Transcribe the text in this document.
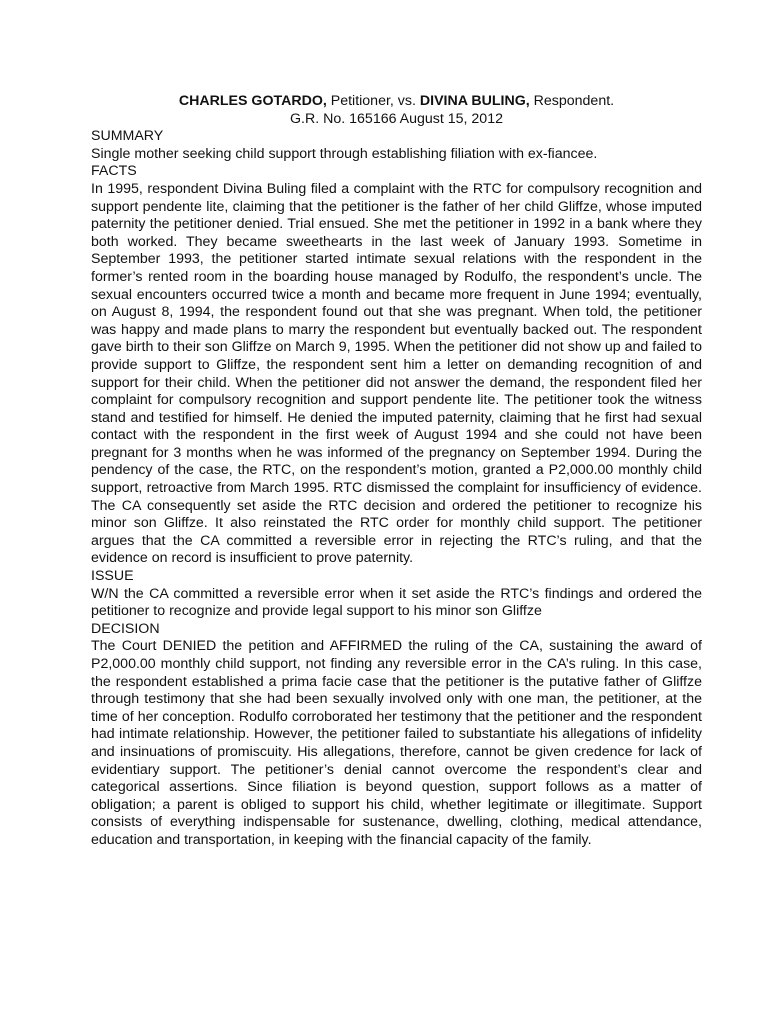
CHARLES GOTARDO, Petitioner, vs. DIVINA BULING, Respondent.
G.R. No. 165166 August 15, 2012
SUMMARY

Single mother seeking child support through establishing filiation with ex-fiancee.

FACTS

In 1995, respondent Divina Buling filed a complaint with the RTC for compulsory recognition and support pendente lite, claiming that the petitioner is the father of her child Gliffze, whose imputed paternity the petitioner denied. Trial ensued. She met the petitioner in 1992 in a bank where they both worked. They became sweethearts in the last week of January 1993. Sometime in September 1993, the petitioner started intimate sexual relations with the respondent in the former’s rented room in the boarding house managed by Rodulfo, the respondent’s uncle. The sexual encounters occurred twice a month and became more frequent in June 1994; eventually, on August 8, 1994, the respondent found out that she was pregnant. When told, the petitioner was happy and made plans to marry the respondent but eventually backed out. The respondent gave birth to their son Gliffze on March 9, 1995. When the petitioner did not show up and failed to provide support to Gliffze, the respondent sent him a letter on demanding recognition of and support for their child. When the petitioner did not answer the demand, the respondent filed her complaint for compulsory recognition and support pendente lite. The petitioner took the witness stand and testified for himself. He denied the imputed paternity, claiming that he first had sexual contact with the respondent in the first week of August 1994 and she could not have been pregnant for 3 months when he was informed of the pregnancy on September 1994. During the pendency of the case, the RTC, on the respondent’s motion, granted a P2,000.00 monthly child support, retroactive from March 1995. RTC dismissed the complaint for insufficiency of evidence. The CA consequently set aside the RTC decision and ordered the petitioner to recognize his minor son Gliffze. It also reinstated the RTC order for monthly child support. The petitioner argues that the CA committed a reversible error in rejecting the RTC’s ruling, and that the evidence on record is insufficient to prove paternity.

ISSUE

W/N the CA committed a reversible error when it set aside the RTC’s findings and ordered the petitioner to recognize and provide legal support to his minor son Gliffze

DECISION

The Court DENIED the petition and AFFIRMED the ruling of the CA, sustaining the award of P2,000.00 monthly child support, not finding any reversible error in the CA’s ruling. In this case, the respondent established a prima facie case that the petitioner is the putative father of Gliffze through testimony that she had been sexually involved only with one man, the petitioner, at the time of her conception. Rodulfo corroborated her testimony that the petitioner and the respondent had intimate relationship. However, the petitioner failed to substantiate his allegations of infidelity and insinuations of promiscuity. His allegations, therefore, cannot be given credence for lack of evidentiary support. The petitioner’s denial cannot overcome the respondent’s clear and categorical assertions. Since filiation is beyond question, support follows as a matter of obligation; a parent is obliged to support his child, whether legitimate or illegitimate. Support consists of everything indispensable for sustenance, dwelling, clothing, medical attendance, education and transportation, in keeping with the financial capacity of the family.
